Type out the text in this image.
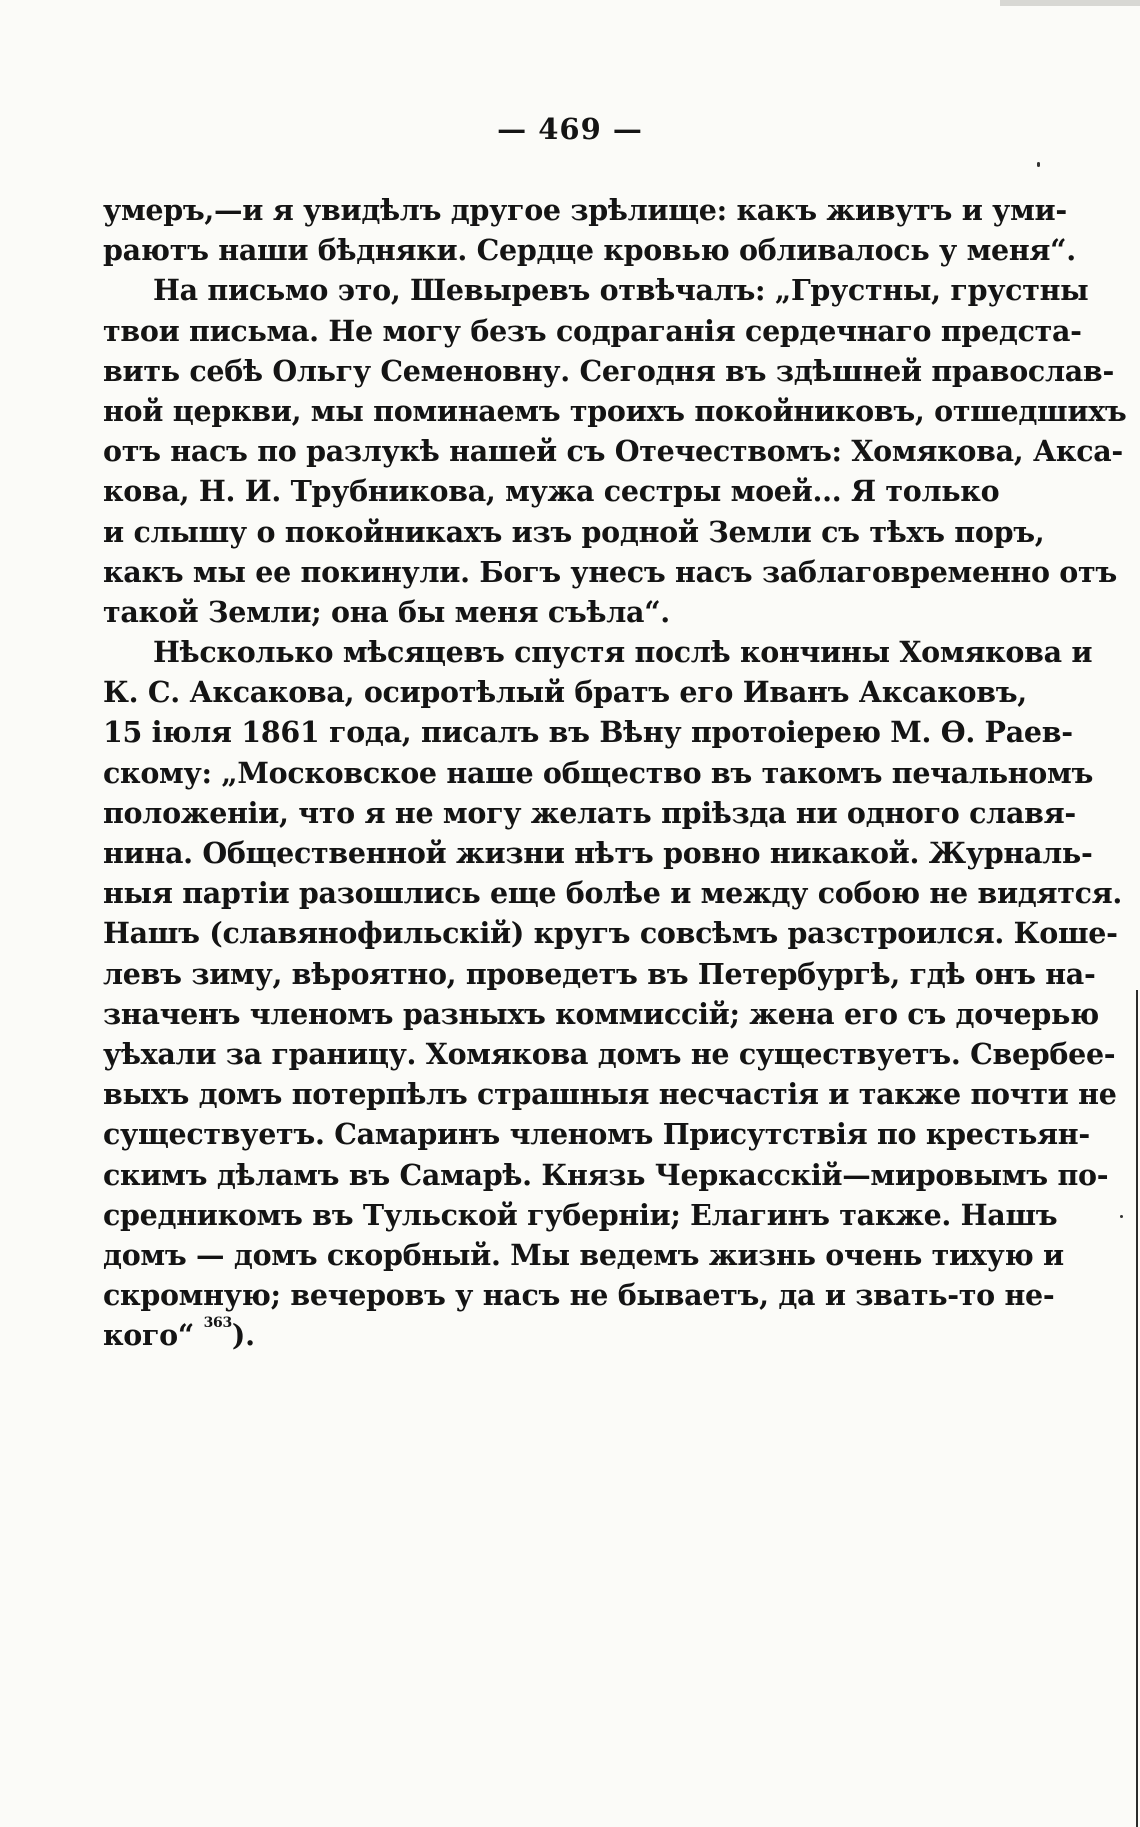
— 469 —
умеръ,—и я увидѣлъ другое зрѣлище: какъ живутъ и уми-
раютъ наши бѣдняки. Сердце кровью обливалось у меня“.
На письмо это, Шевыревъ отвѣчалъ: „Грустны, грустны
твои письма. Не могу безъ содраганія сердечнаго предста-
вить себѣ Ольгу Семеновну. Сегодня въ здѣшней православ-
ной церкви, мы поминаемъ троихъ покойниковъ, отшедшихъ
отъ насъ по разлукѣ нашей съ Отечествомъ: Хомякова, Акса-
кова, Н. И. Трубникова, мужа сестры моей... Я только
и слышу о покойникахъ изъ родной Земли съ тѣхъ поръ,
какъ мы ее покинули. Богъ унесъ насъ заблаговременно отъ
такой Земли; она бы меня съѣла“.
Нѣсколько мѣсяцевъ спустя послѣ кончины Хомякова и
К. С. Аксакова, осиротѣлый братъ его Иванъ Аксаковъ,
15 іюля 1861 года, писалъ въ Вѣну протоіерею М. Ѳ. Раев-
скому: „Московское наше общество въ такомъ печальномъ
положеніи, что я не могу желать пріѣзда ни одного славя-
нина. Общественной жизни нѣтъ ровно никакой. Журналь-
ныя партіи разошлись еще болѣе и между собою не видятся.
Нашъ (славянофильскій) кругъ совсѣмъ разстроился. Коше-
левъ зиму, вѣроятно, проведетъ въ Петербургѣ, гдѣ онъ на-
значенъ членомъ разныхъ коммиссій; жена его съ дочерью
уѣхали за границу. Хомякова домъ не существуетъ. Свербее-
выхъ домъ потерпѣлъ страшныя несчастія и также почти не
существуетъ. Самаринъ членомъ Присутствія по крестьян-
скимъ дѣламъ въ Самарѣ. Князь Черкасскій—мировымъ по-
средникомъ въ Тульской губерніи; Елагинъ также. Нашъ
домъ — домъ скорбный. Мы ведемъ жизнь очень тихую и
скромную; вечеровъ у насъ не бываетъ, да и звать-то не-
кого“ $^{363}$).
